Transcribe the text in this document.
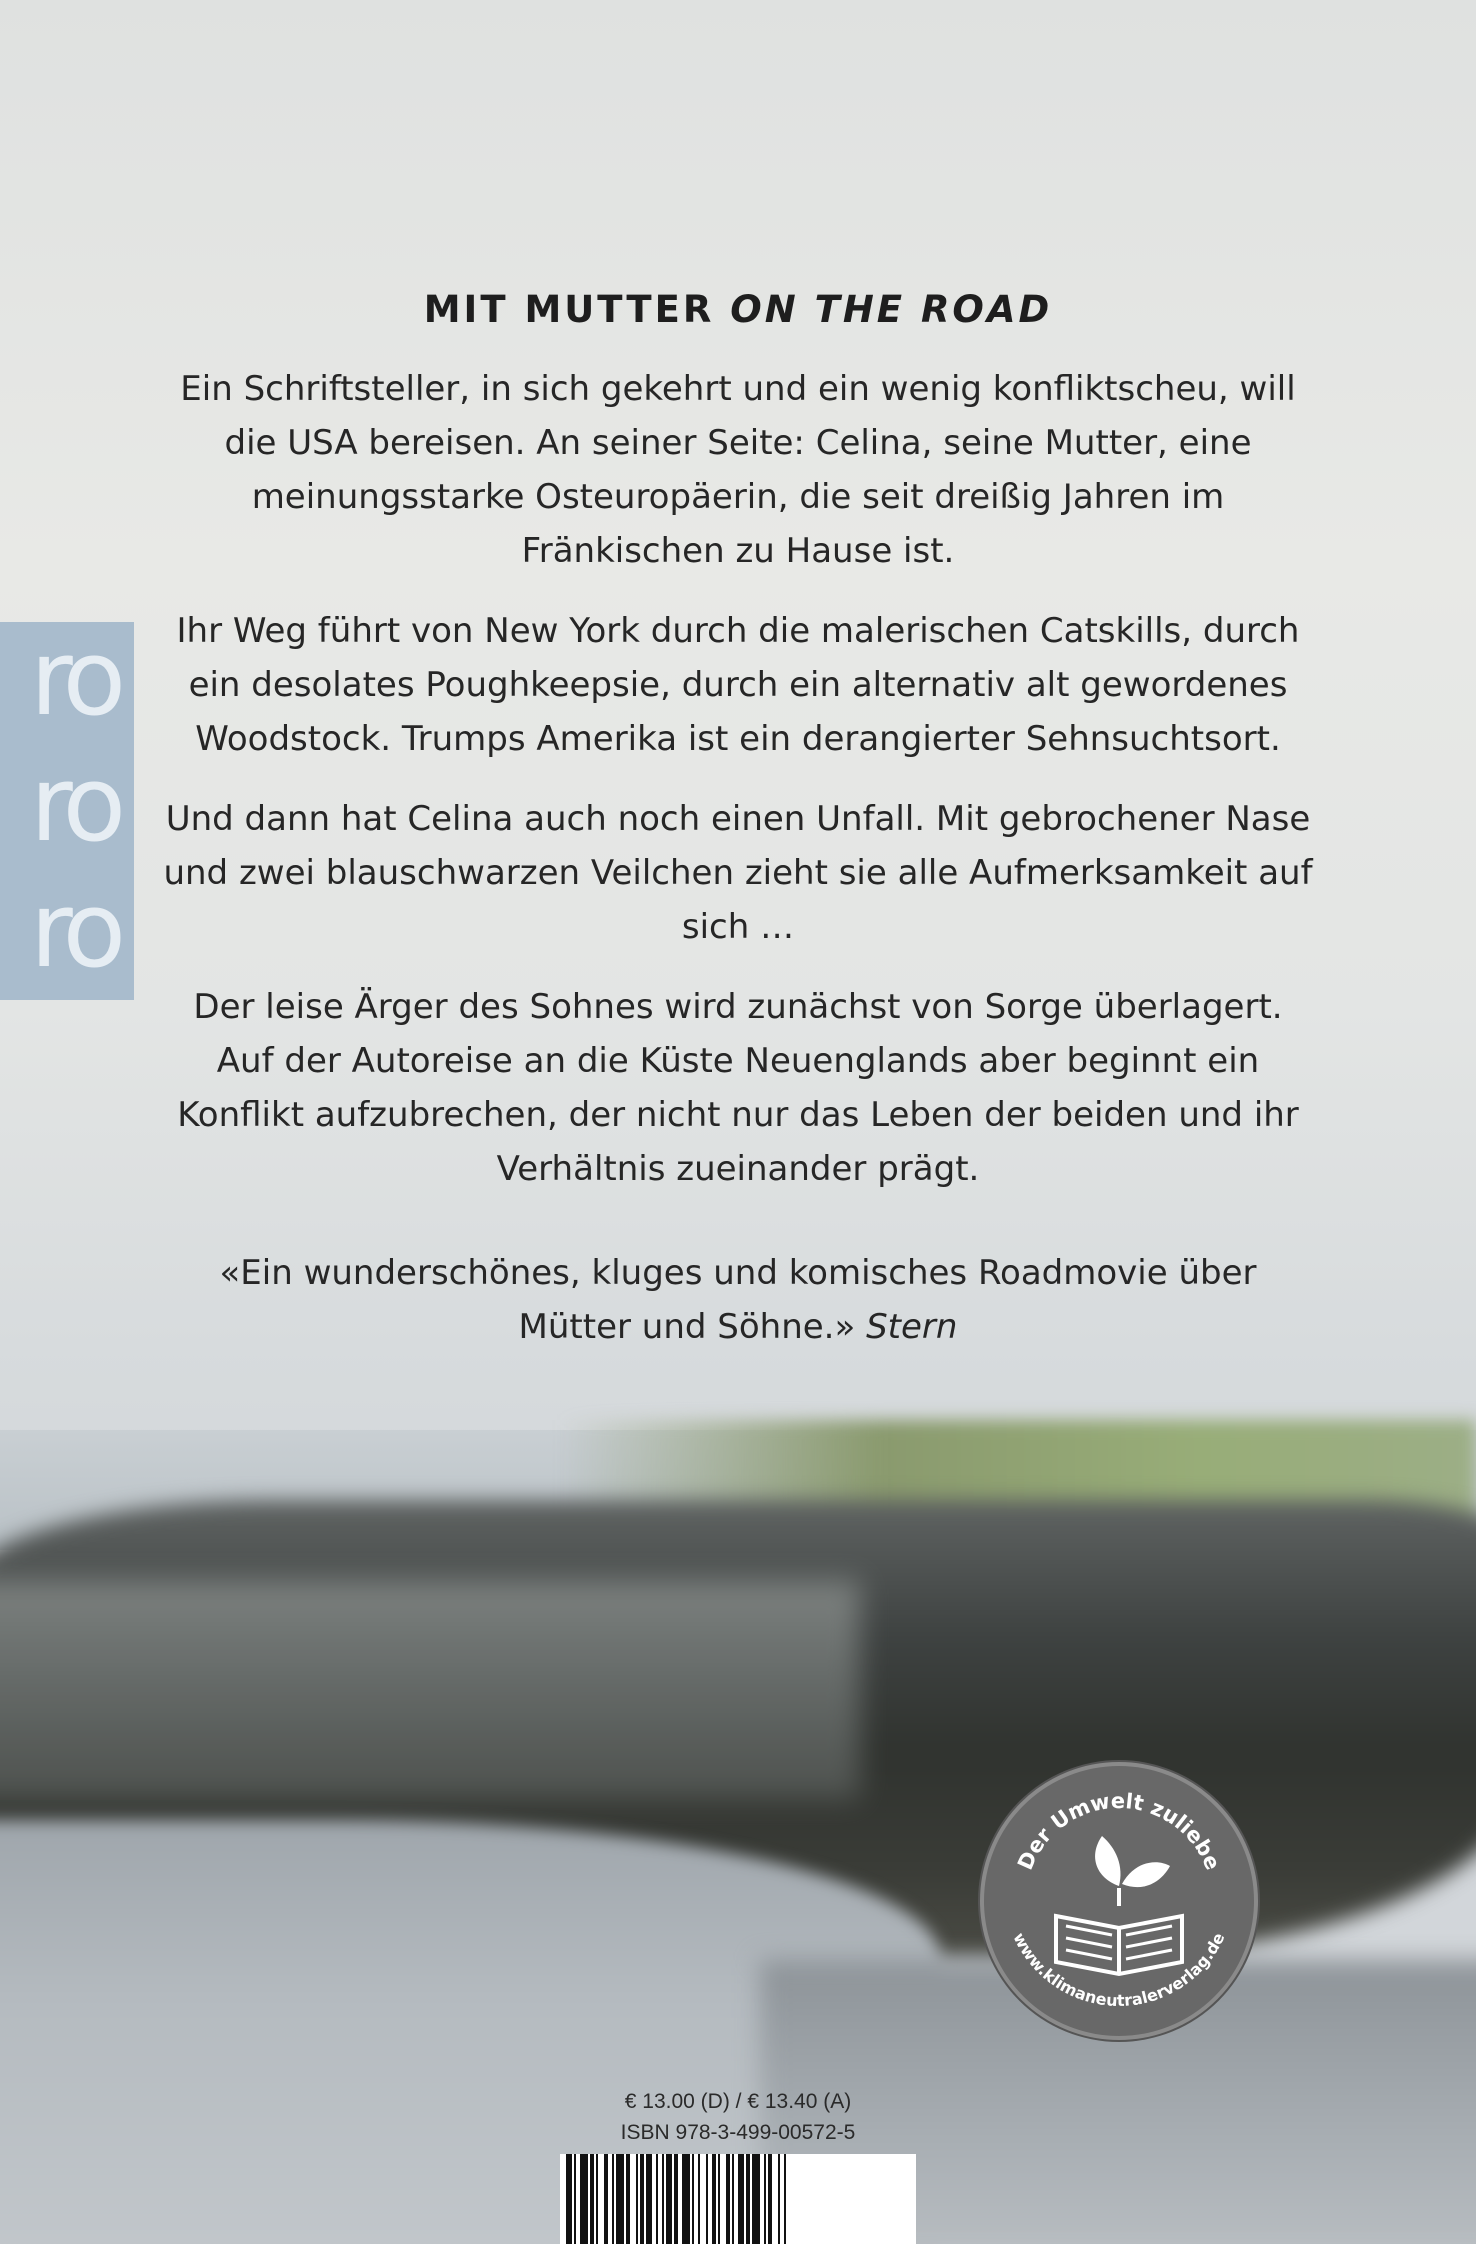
ro
ro
ro
MIT MUTTER ON THE ROAD

Ein Schriftsteller, in sich gekehrt und ein wenig konfliktscheu, will die USA bereisen. An seiner Seite: Celina, seine Mutter, eine meinungsstarke Osteuropäerin, die seit dreißig Jahren im Fränkischen zu Hause ist.

Ihr Weg führt von New York durch die malerischen Catskills, durch ein desolates Poughkeepsie, durch ein alternativ alt gewordenes Woodstock. Trumps Amerika ist ein derangierter Sehnsuchtsort.

Und dann hat Celina auch noch einen Unfall. Mit gebrochener Nase und zwei blauschwarzen Veilchen zieht sie alle Aufmerksamkeit auf sich …

Der leise Ärger des Sohnes wird zunächst von Sorge überlagert. Auf der Autoreise an die Küste Neuenglands aber beginnt ein Konflikt aufzubrechen, der nicht nur das Leben der beiden und ihr Verhältnis zueinander prägt.

«Ein wunderschönes, kluges und komisches Roadmovie über Mütter und Söhne.» Stern

Der Umwelt zuliebe
www.klimaneutralerverlag.de
€ 13.00 (D) / € 13.40 (A)
ISBN 978-3-499-00572-5
